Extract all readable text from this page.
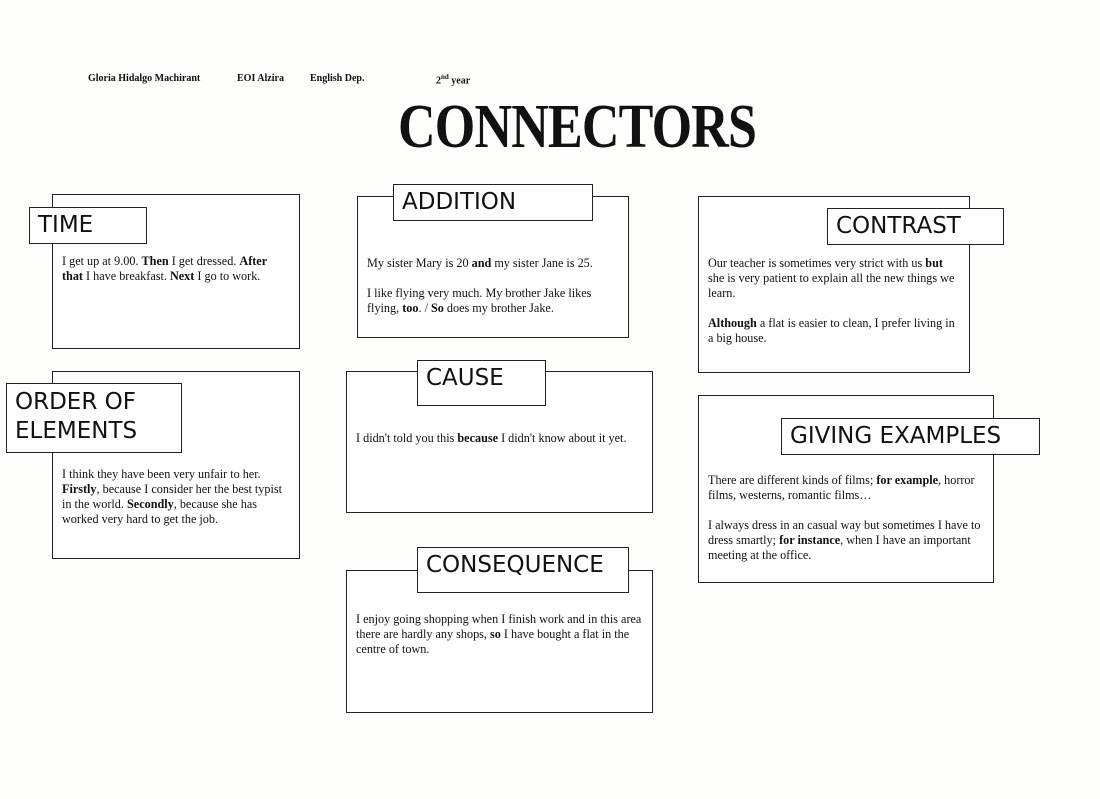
Gloria Hidalgo Machirant	EOI Alzira	English Dep.	2nd year
CONNECTORS
TIME

I get up at 9.00. Then I get dressed. After that I have breakfast. Next I go to work.

ADDITION

My sister Mary is 20 and my sister Jane is 25.

I like flying very much. My brother Jake likes flying, too. / So does my brother Jake.

CONTRAST

Our teacher is sometimes very strict with us but she is very patient to explain all the new things we learn.

Although a flat is easier to clean, I prefer living in a big house.

ORDER OF
ELEMENTS

I think they have been very unfair to her. Firstly, because I consider her the best typist in the world. Secondly, because she has worked very hard to get the job.

CAUSE

I didn't told you this because I didn't know about it yet.	GIVING EXAMPLES

There are different kinds of films; for example, horror films, westerns, romantic films…

I always dress in an casual way but sometimes I have to dress smartly; for instance, when I have an important meeting at the office.

CONSEQUENCE

I enjoy going shopping when I finish work and in this area there are hardly any shops, so I have bought a flat in the centre of town.
